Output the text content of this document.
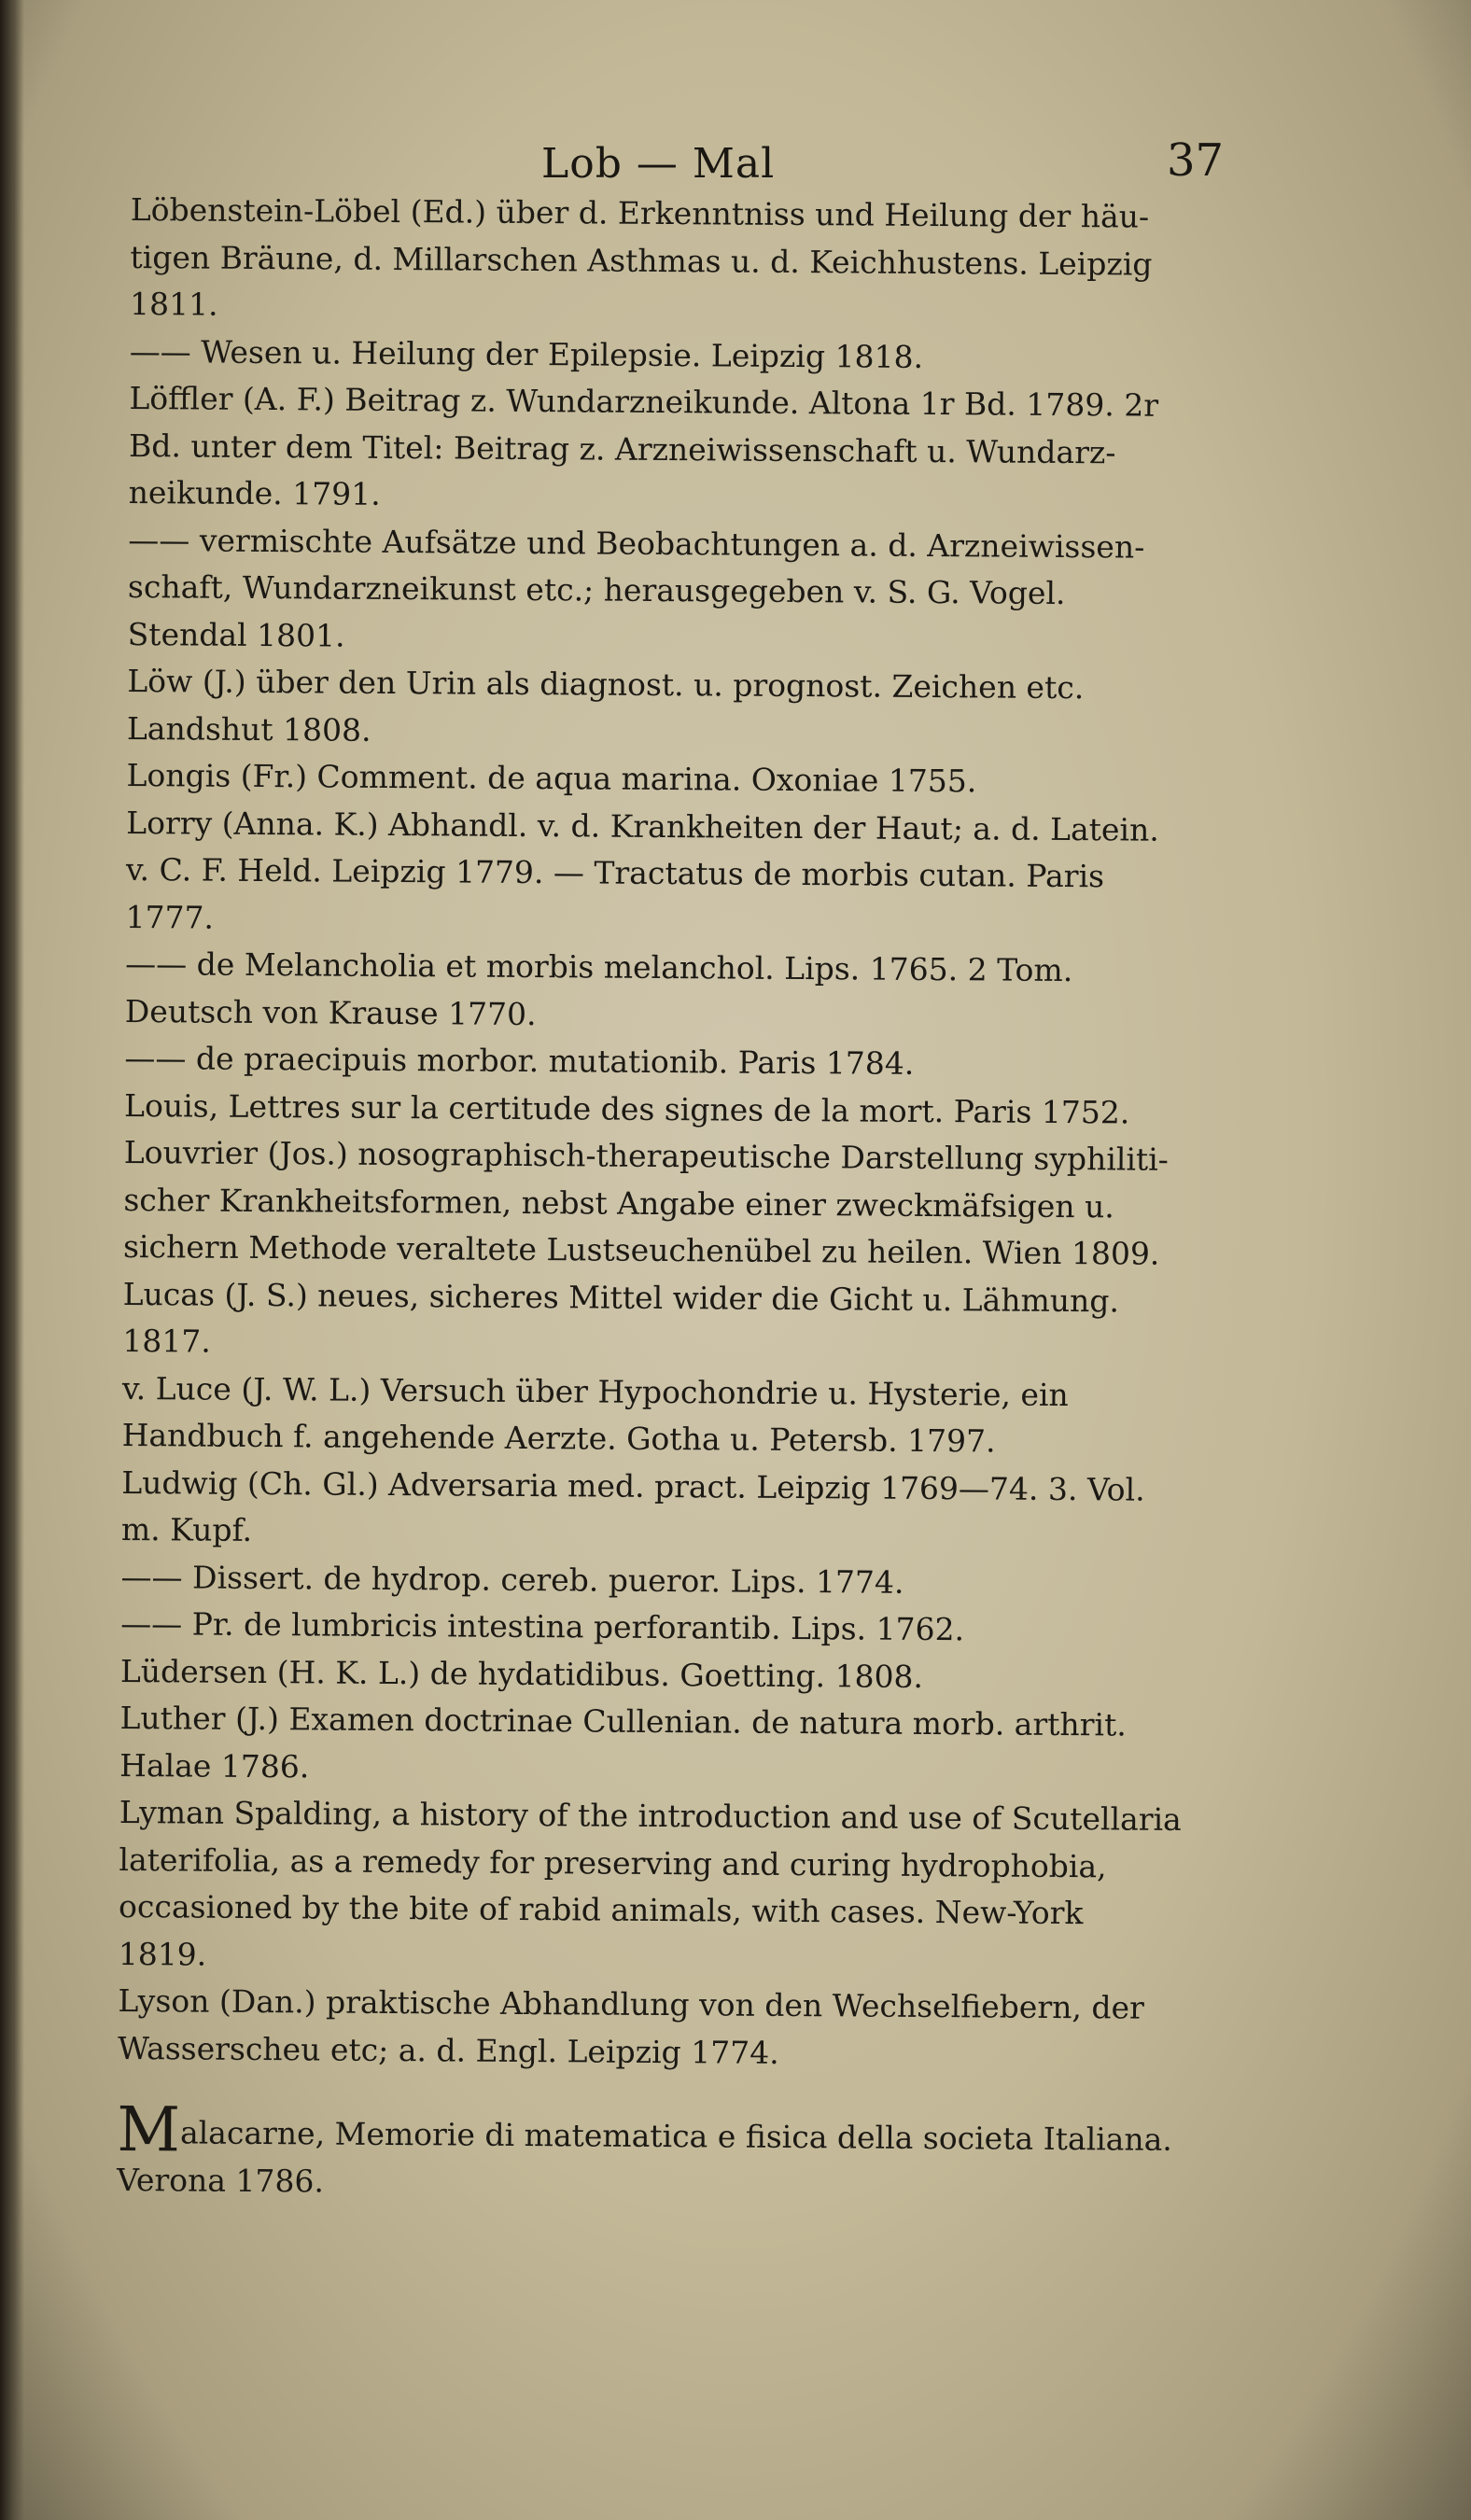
Lob — Mal	37
Löbenstein-Löbel (Ed.) über d. Erkenntniss und Heilung der häu-
tigen Bräune, d. Millarschen Asthmas u. d. Keichhustens. Leipzig
1811.
—— Wesen u. Heilung der Epilepsie. Leipzig 1818.
Löffler (A. F.) Beitrag z. Wundarzneikunde. Altona 1r Bd. 1789. 2r
Bd. unter dem Titel: Beitrag z. Arzneiwissenschaft u. Wundarz-
neikunde. 1791.
—— vermischte Aufsätze und Beobachtungen a. d. Arzneiwissen-
schaft, Wundarzneikunst etc.; herausgegeben v. S. G. Vogel.
Stendal 1801.
Löw (J.) über den Urin als diagnost. u. prognost. Zeichen etc.
Landshut 1808.
Longis (Fr.) Comment. de aqua marina. Oxoniae 1755.
Lorry (Anna. K.) Abhandl. v. d. Krankheiten der Haut; a. d. Latein.
v. C. F. Held. Leipzig 1779. — Tractatus de morbis cutan. Paris
1777.
—— de Melancholia et morbis melanchol. Lips. 1765. 2 Tom.
Deutsch von Krause 1770.
—— de praecipuis morbor. mutationib. Paris 1784.
Louis, Lettres sur la certitude des signes de la mort. Paris 1752.
Louvrier (Jos.) nosographisch-therapeutische Darstellung syphiliti-
scher Krankheitsformen, nebst Angabe einer zweckmäfsigen u.
sichern Methode veraltete Lustseuchenübel zu heilen. Wien 1809.
Lucas (J. S.) neues, sicheres Mittel wider die Gicht u. Lähmung.
1817.
v. Luce (J. W. L.) Versuch über Hypochondrie u. Hysterie, ein
Handbuch f. angehende Aerzte. Gotha u. Petersb. 1797.
Ludwig (Ch. Gl.) Adversaria med. pract. Leipzig 1769—74. 3. Vol.
m. Kupf.
—— Dissert. de hydrop. cereb. pueror. Lips. 1774.
—— Pr. de lumbricis intestina perforantib. Lips. 1762.
Lüdersen (H. K. L.) de hydatidibus. Goetting. 1808.
Luther (J.) Examen doctrinae Cullenian. de natura morb. arthrit.
Halae 1786.
Lyman Spalding, a history of the introduction and use of Scutellaria
laterifolia, as a remedy for preserving and curing hydrophobia,
occasioned by the bite of rabid animals, with cases. New-York
1819.
Lyson (Dan.) praktische Abhandlung von den Wechselfiebern, der
Wasserscheu etc; a. d. Engl. Leipzig 1774.
Malacarne, Memorie di matematica e fisica della societa Italiana.
Verona 1786.
